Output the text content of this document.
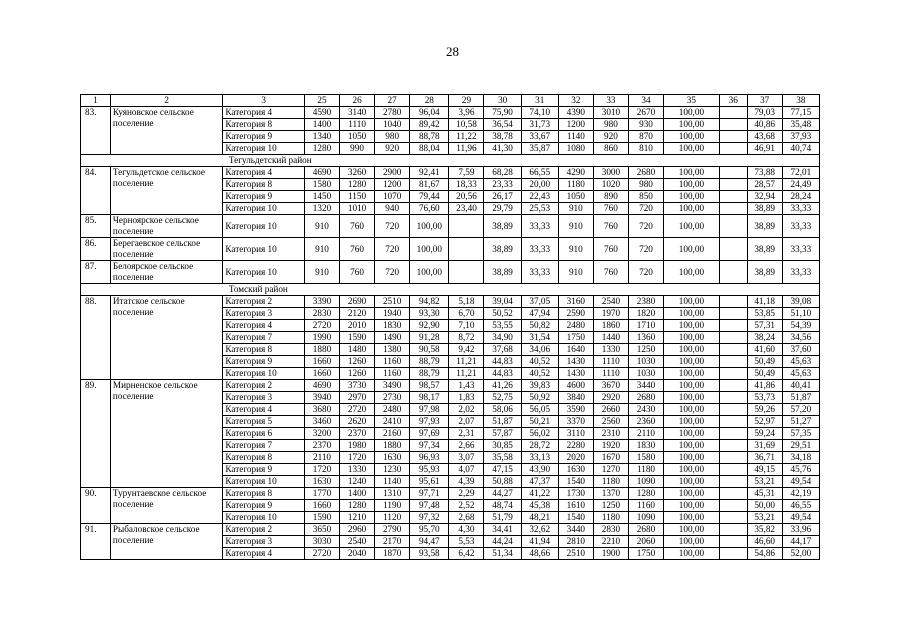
28
1	2	3	25	26	27	28	29	30	31	32	33	34	35	36	37	38
83.	Куяновское сельское поселение	Категория 4	4590	3140	2780	96,04	3,96	75,90	74,10	4390	3010	2670	100,00		79,03	77,15
		Категория 8	1400	1110	1040	89,42	10,58	36,54	31,73	1200	980	930	100,00		40,86	35,48
		Категория 9	1340	1050	980	88,78	11,22	38,78	33,67	1140	920	870	100,00		43,68	37,93
		Категория 10	1280	990	920	88,04	11,96	41,30	35,87	1080	860	810	100,00		46,91	40,74
		Тегульдетский район														
84.	Тегульдетское сельское поселение	Категория 4	4690	3260	2900	92,41	7,59	68,28	66,55	4290	3000	2680	100,00		73,88	72,01
		Категория 8	1580	1280	1200	81,67	18,33	23,33	20,00	1180	1020	980	100,00		28,57	24,49
		Категория 9	1450	1150	1070	79,44	20,56	26,17	22,43	1050	890	850	100,00		32,94	28,24
		Категория 10	1320	1010	940	76,60	23,40	29,79	25,53	910	760	720	100,00		38,89	33,33
85.	Черноярское сельское поселение	Категория 10	910	760	720	100,00		38,89	33,33	910	760	720	100,00		38,89	33,33
86.	Берегаевское сельское поселение	Категория 10	910	760	720	100,00		38,89	33,33	910	760	720	100,00		38,89	33,33
87.	Белоярское сельское поселение	Категория 10	910	760	720	100,00		38,89	33,33	910	760	720	100,00		38,89	33,33
		Томский район														
88.	Итатское сельское поселение	Категория 2	3390	2690	2510	94,82	5,18	39,04	37,05	3160	2540	2380	100,00		41,18	39,08
		Категория 3	2830	2120	1940	93,30	6,70	50,52	47,94	2590	1970	1820	100,00		53,85	51,10
		Категория 4	2720	2010	1830	92,90	7,10	53,55	50,82	2480	1860	1710	100,00		57,31	54,39
		Категория 7	1990	1590	1490	91,28	8,72	34,90	31,54	1750	1440	1360	100,00		38,24	34,56
		Категория 8	1880	1480	1380	90,58	9,42	37,68	34,06	1640	1330	1250	100,00		41,60	37,60
		Категория 9	1660	1260	1160	88,79	11,21	44,83	40,52	1430	1110	1030	100,00		50,49	45,63
		Категория 10	1660	1260	1160	88,79	11,21	44,83	40,52	1430	1110	1030	100,00		50,49	45,63
89.	Мирненское сельское поселение	Категория 2	4690	3730	3490	98,57	1,43	41,26	39,83	4600	3670	3440	100,00		41,86	40,41
		Категория 3	3940	2970	2730	98,17	1,83	52,75	50,92	3840	2920	2680	100,00		53,73	51,87
		Категория 4	3680	2720	2480	97,98	2,02	58,06	56,05	3590	2660	2430	100,00		59,26	57,20
		Категория 5	3460	2620	2410	97,93	2,07	51,87	50,21	3370	2560	2360	100,00		52,97	51,27
		Категория 6	3200	2370	2160	97,69	2,31	57,87	56,02	3110	2310	2110	100,00		59,24	57,35
		Категория 7	2370	1980	1880	97,34	2,66	30,85	28,72	2280	1920	1830	100,00		31,69	29,51
		Категория 8	2110	1720	1630	96,93	3,07	35,58	33,13	2020	1670	1580	100,00		36,71	34,18
		Категория 9	1720	1330	1230	95,93	4,07	47,15	43,90	1630	1270	1180	100,00		49,15	45,76
		Категория 10	1630	1240	1140	95,61	4,39	50,88	47,37	1540	1180	1090	100,00		53,21	49,54
90.	Турунтаевское сельское поселение	Категория 8	1770	1400	1310	97,71	2,29	44,27	41,22	1730	1370	1280	100,00		45,31	42,19
		Категория 9	1660	1280	1190	97,48	2,52	48,74	45,38	1610	1250	1160	100,00		50,00	46,55
		Категория 10	1590	1210	1120	97,32	2,68	51,79	48,21	1540	1180	1090	100,00		53,21	49,54
91.	Рыбаловское сельское поселение	Категория 2	3650	2960	2790	95,70	4,30	34,41	32,62	3440	2830	2680	100,00		35,82	33,96
		Категория 3	3030	2540	2170	94,47	5,53	44,24	41,94	2810	2210	2060	100,00		46,60	44,17
		Категория 4	2720	2040	1870	93,58	6,42	51,34	48,66	2510	1900	1750	100,00		54,86	52,00
